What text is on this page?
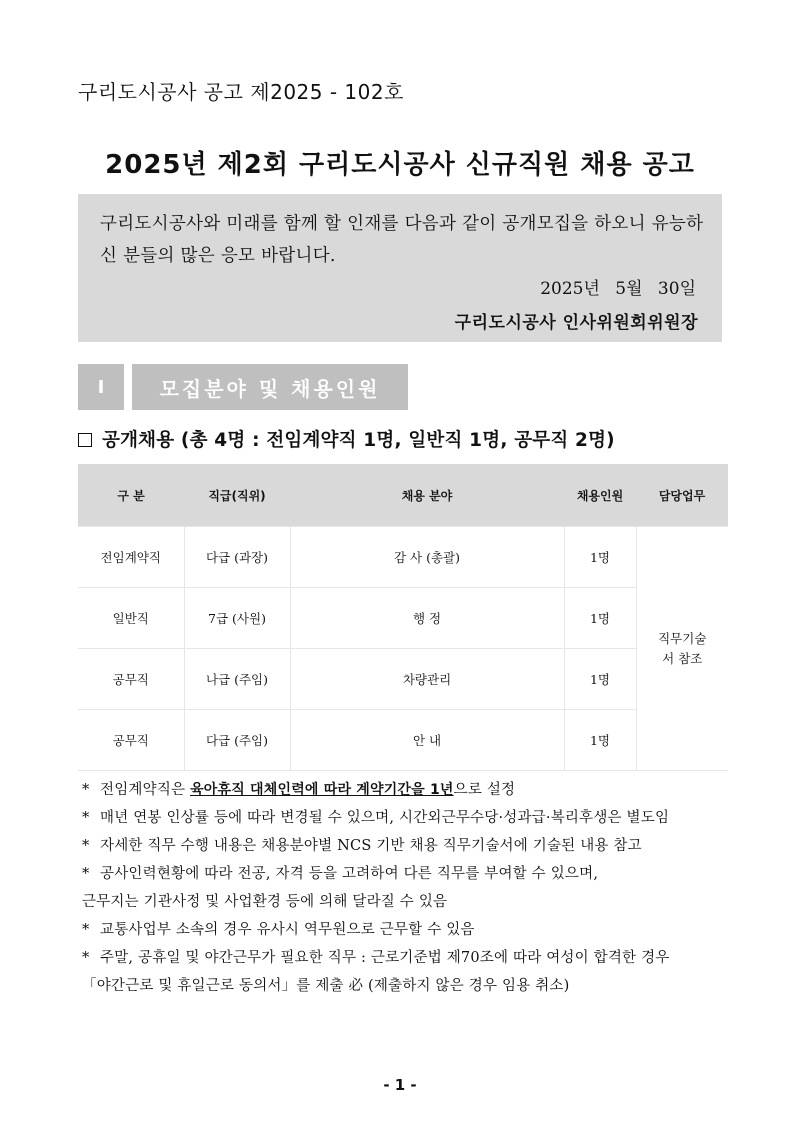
구리도시공사 공고 제2025 - 102호
2025년 제2회 구리도시공사 신규직원 채용 공고
구리도시공사와 미래를 함께 할 인재를 다음과 같이 공개모집을 하오니 유능하신 분들의 많은 응모 바랍니다.
2025년 5월 30일
구리도시공사 인사위원회위원장
Ⅰ	모집분야 및 채용인원
공개채용 (총 4명 : 전임계약직 1명, 일반직 1명, 공무직 2명)
구 분	직급(직위)	채용 분야	채용인원	담당업무
전임계약직	다급 (과장)	감 사 (총괄)	1명	직무기술서 참조
일반직	7급 (사원)	행 정	1명	
공무직	나급 (주임)	차량관리	1명	
공무직	다급 (주임)	안 내	1명	
* 전임계약직은 육아휴직 대체인력에 따라 계약기간을 1년으로 설정
* 매년 연봉 인상률 등에 따라 변경될 수 있으며, 시간외근무수당·성과급·복리후생은 별도임
* 자세한 직무 수행 내용은 채용분야별 NCS 기반 채용 직무기술서에 기술된 내용 참고
* 공사인력현황에 따라 전공, 자격 등을 고려하여 다른 직무를 부여할 수 있으며,
근무지는 기관사정 및 사업환경 등에 의해 달라질 수 있음
* 교통사업부 소속의 경우 유사시 역무원으로 근무할 수 있음
* 주말, 공휴일 및 야간근무가 필요한 직무 : 근로기준법 제70조에 따라 여성이 합격한 경우
「야간근로 및 휴일근로 동의서」를 제출 必 (제출하지 않은 경우 임용 취소)
- 1 -
